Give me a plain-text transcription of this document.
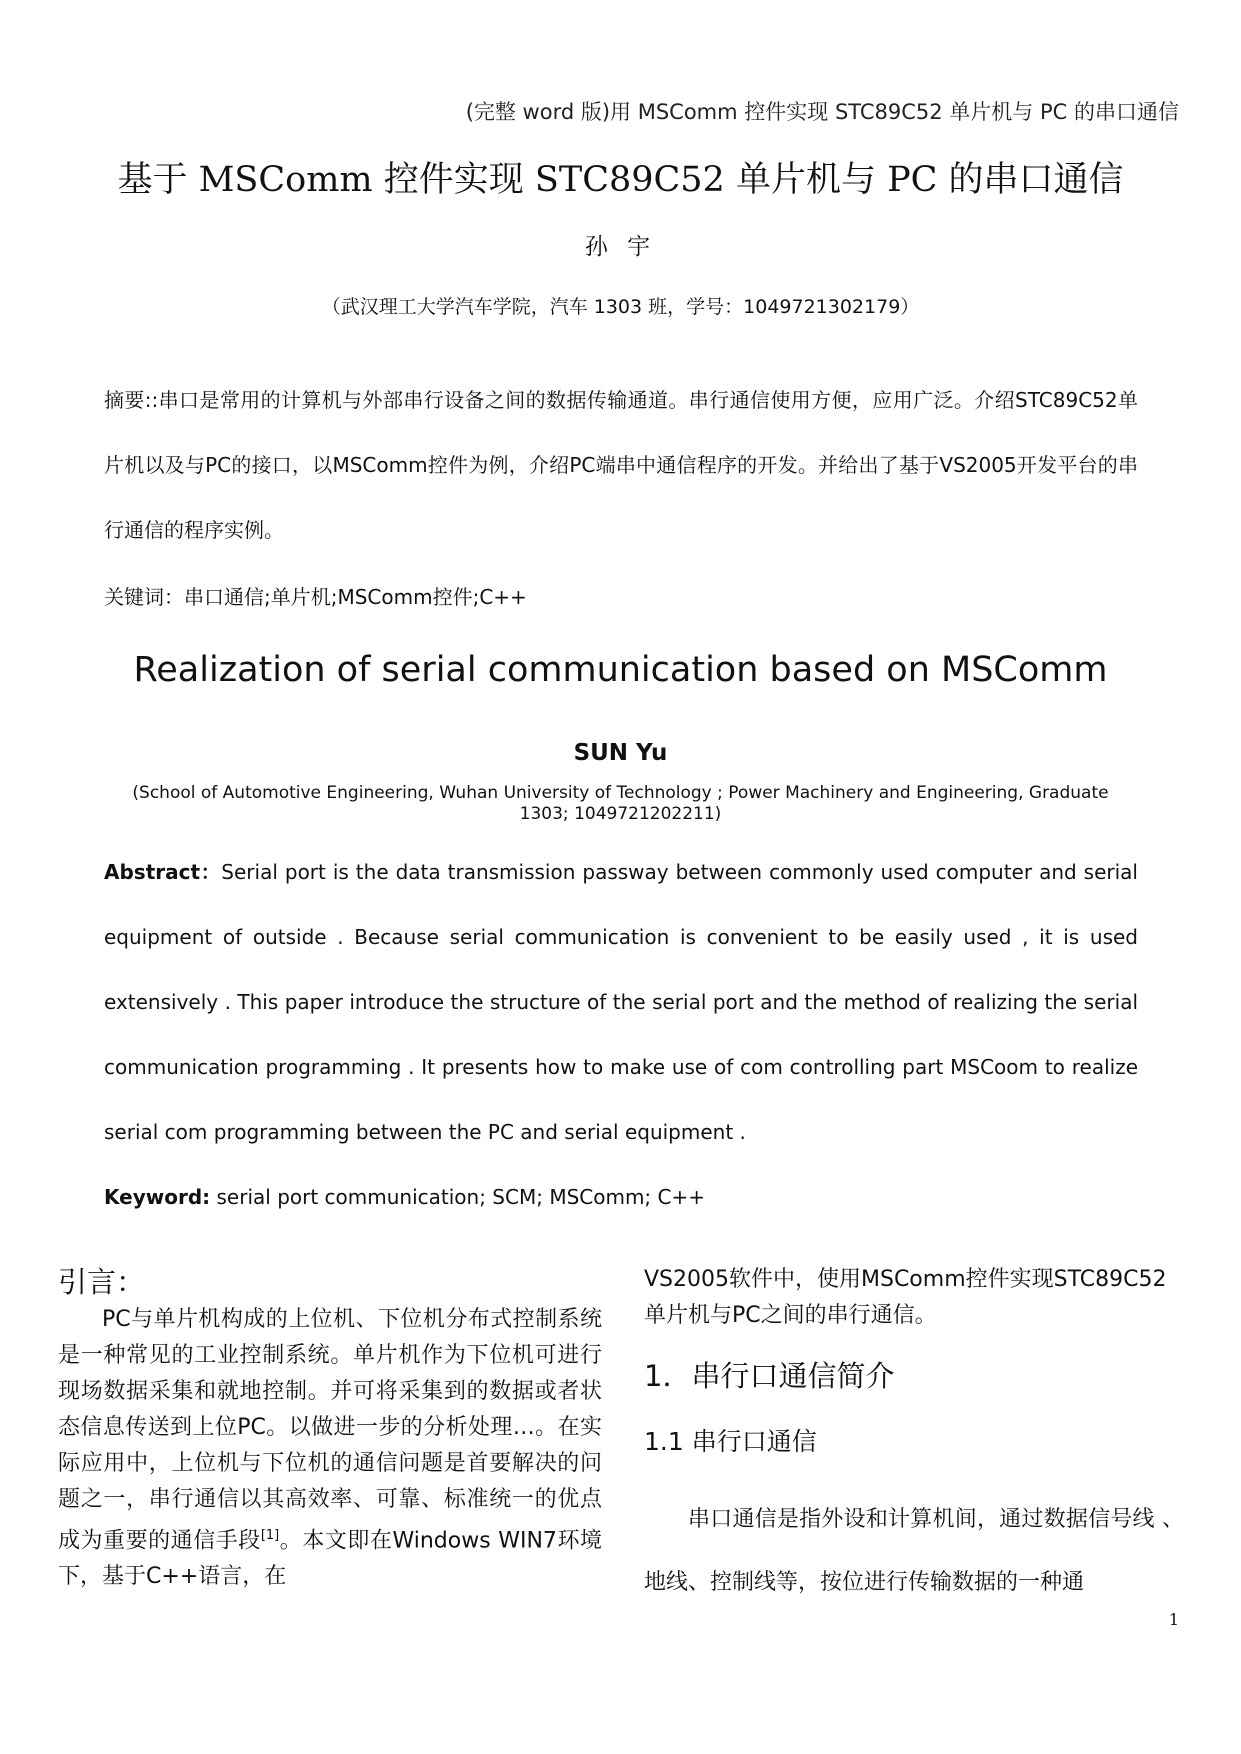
(完整 word 版)用 MSComm 控件实现 STC89C52 单片机与 PC 的串口通信
基于 MSComm 控件实现 STC89C52 单片机与 PC 的串口通信
孙 宇
（武汉理工大学汽车学院，汽车 1303 班，学号：1049721302179）
摘要::串口是常用的计算机与外部串行设备之间的数据传输通道。串行通信使用方便，应用广泛。介绍STC89C52单片机以及与PC的接口，以MSComm控件为例，介绍PC端串中通信程序的开发。并给出了基于VS2005开发平台的串行通信的程序实例。
关键词：串口通信;单片机;MSComm控件;C++
Realization of serial communication based on MSComm
SUN Yu
(School of Automotive Engineering, Wuhan University of Technology ; Power Machinery and Engineering, Graduate 1303; 1049721202211)
Abstract：Serial port is the data transmission passway between commonly used computer and serial equipment of outside . Because serial communication is convenient to be easily used , it is used extensively . This paper introduce the structure of the serial port and the method of realizing the serial communication programming . It presents how to make use of com controlling part MSCoom to realize serial com programming between the PC and serial equipment .
Keyword: serial port communication; SCM; MSComm; C++
引言：

PC与单片机构成的上位机、下位机分布式控制系统是一种常见的工业控制系统。单片机作为下位机可进行现场数据采集和就地控制。并可将采集到的数据或者状态信息传送到上位PC。以做进一步的分析处理…。在实际应用中，上位机与下位机的通信问题是首要解决的问题之一，串行通信以其高效率、可靠、标准统一的优点成为重要的通信手段[1]。本文即在Windows WIN7环境下，基于C++语言，在

VS2005软件中，使用MSComm控件实现STC89C52单片机与PC之间的串行通信。

1．串行口通信简介
1.1 串行口通信

串口通信是指外设和计算机间，通过数据信号线 、地线、控制线等，按位进行传输数据的一种通

1
